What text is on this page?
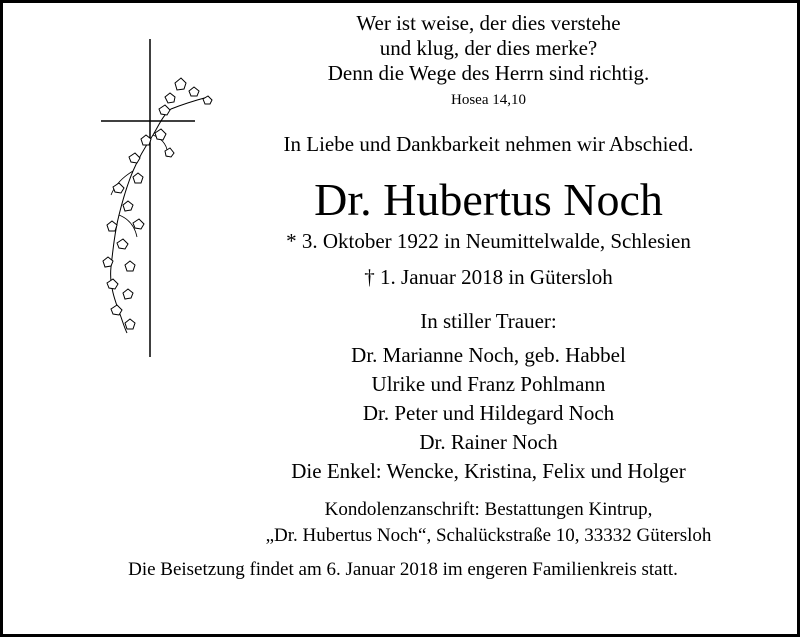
Wer ist weise, der dies verstehe
und klug, der dies merke?
Denn die Wege des Herrn sind richtig.
Hosea 14,10
In Liebe und Dankbarkeit nehmen wir Abschied.
Dr. Hubertus Noch
* 3. Oktober 1922 in Neumittelwalde, Schlesien
† 1. Januar 2018 in Gütersloh
In stiller Trauer:
Dr. Marianne Noch, geb. Habbel
Ulrike und Franz Pohlmann
Dr. Peter und Hildegard Noch
Dr. Rainer Noch
Die Enkel: Wencke, Kristina, Felix und Holger
Kondolenzanschrift: Bestattungen Kintrup,
„Dr. Hubertus Noch“, Schalückstraße 10, 33332 Gütersloh
Die Beisetzung findet am 6. Januar 2018 im engeren Familienkreis statt.
